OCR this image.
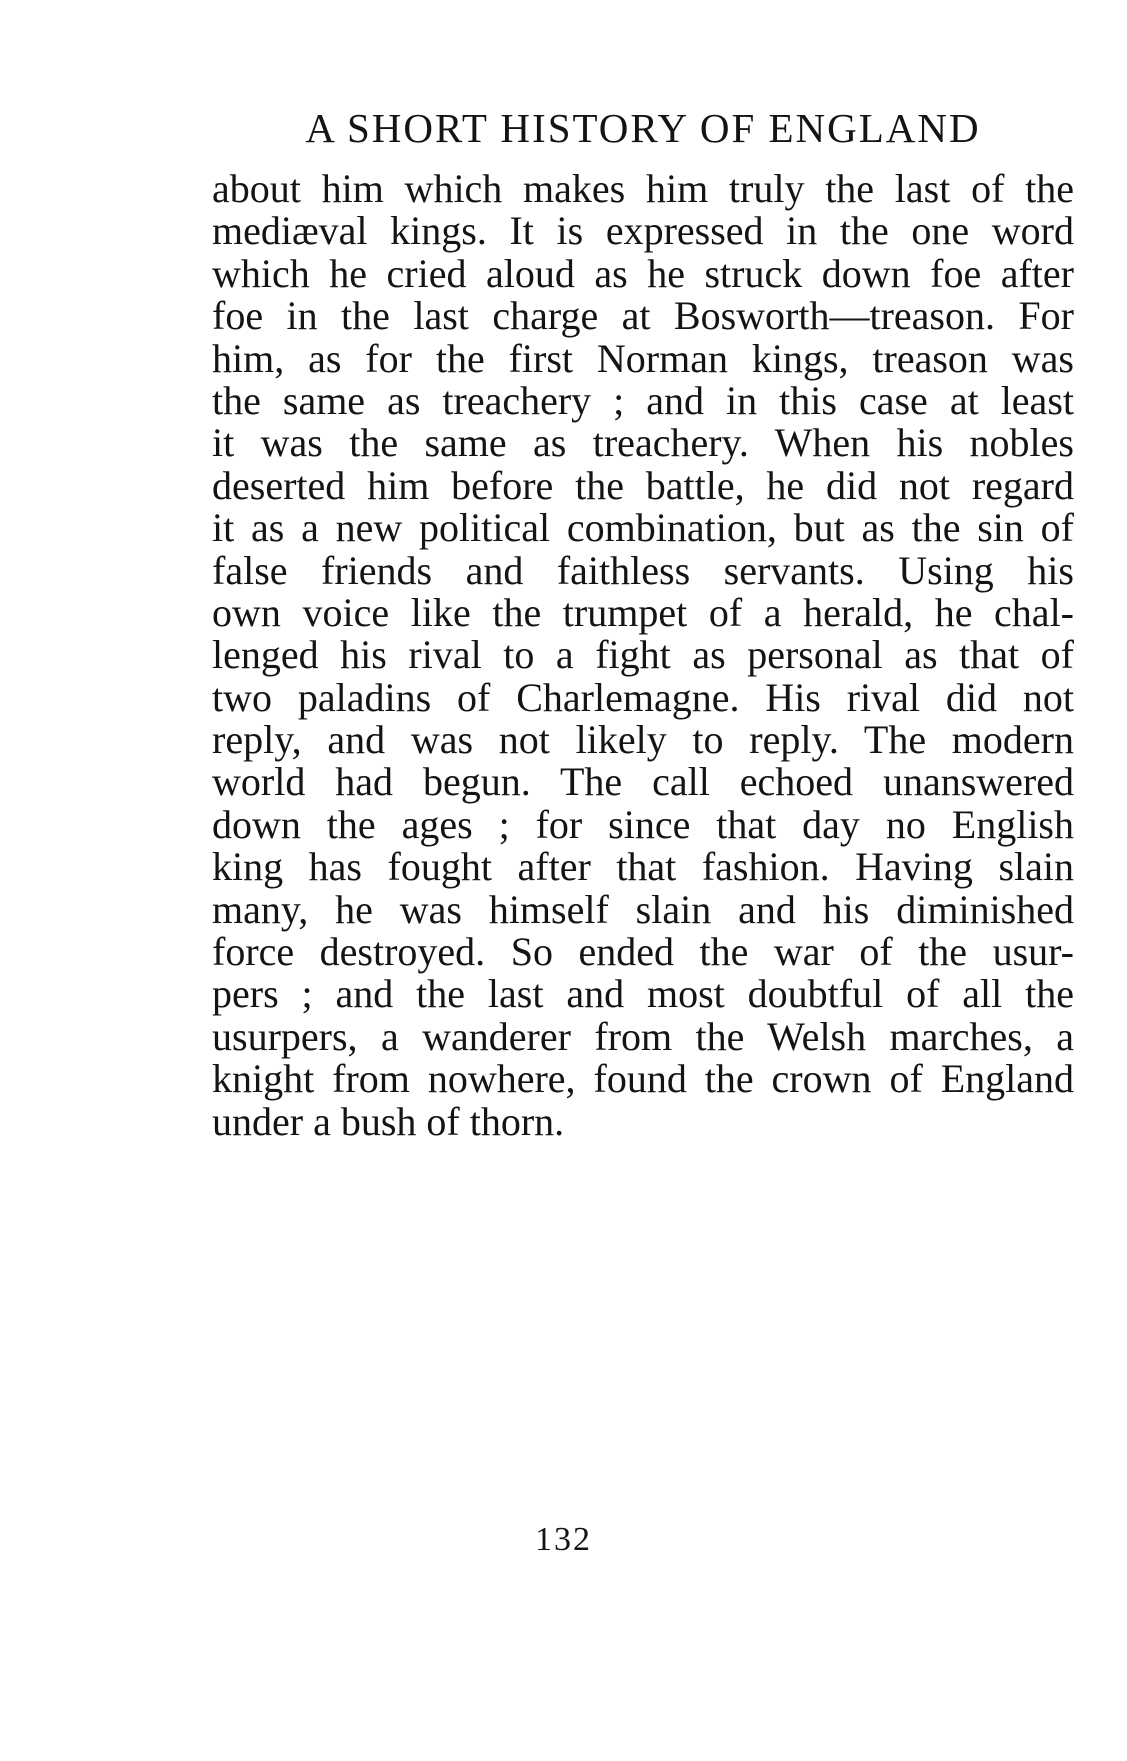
A SHORT HISTORY OF ENGLAND
about him which makes him truly the last of the
mediæval kings. It is expressed in the one word
which he cried aloud as he struck down foe after
foe in the last charge at Bosworth—treason. For
him, as for the first Norman kings, treason was
the same as treachery ; and in this case at least
it was the same as treachery. When his nobles
deserted him before the battle, he did not regard
it as a new political combination, but as the sin of
false friends and faithless servants. Using his
own voice like the trumpet of a herald, he chal-
lenged his rival to a fight as personal as that of
two paladins of Charlemagne. His rival did not
reply, and was not likely to reply. The modern
world had begun. The call echoed unanswered
down the ages ; for since that day no English
king has fought after that fashion. Having slain
many, he was himself slain and his diminished
force destroyed. So ended the war of the usur-
pers ; and the last and most doubtful of all the
usurpers, a wanderer from the Welsh marches, a
knight from nowhere, found the crown of England
under a bush of thorn.
132
